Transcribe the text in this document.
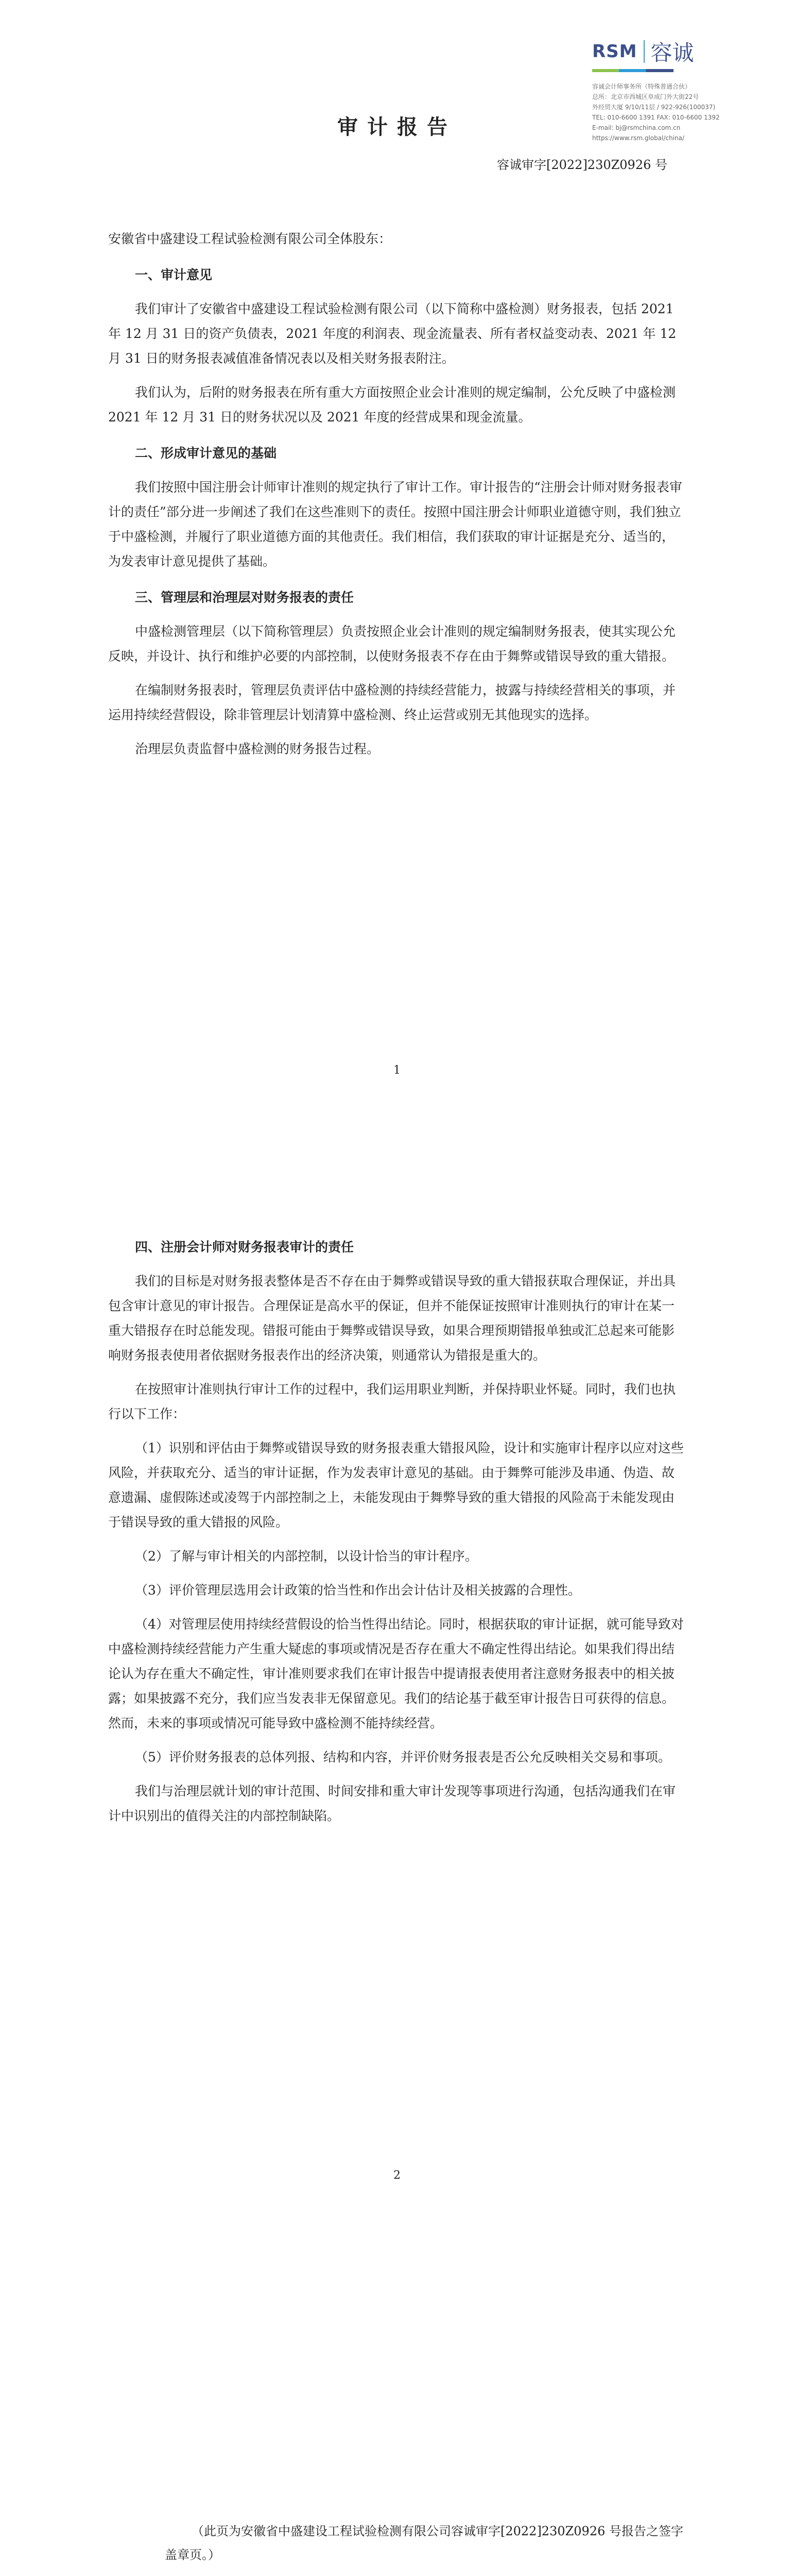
RSM 容诚
容诚会计师事务所（特殊普通合伙）
总所：北京市西城区阜成门外大街22号
外经贸大厦 9/10/11层 / 922-926(100037)
TEL: 010-6600 1391 FAX: 010-6600 1392
E-mail: bj@rsmchina.com.cn
https://www.rsm.global/china/
审计报告
容诚审字[2022]230Z0926 号

安徽省中盛建设工程试验检测有限公司全体股东：

一、审计意见

我们审计了安徽省中盛建设工程试验检测有限公司（以下简称中盛检测）财务报表，包括 2021 年 12 月 31 日的资产负债表，2021 年度的利润表、现金流量表、所有者权益变动表、2021 年 12 月 31 日的财务报表减值准备情况表以及相关财务报表附注。

我们认为，后附的财务报表在所有重大方面按照企业会计准则的规定编制，公允反映了中盛检测 2021 年 12 月 31 日的财务状况以及 2021 年度的经营成果和现金流量。

二、形成审计意见的基础

我们按照中国注册会计师审计准则的规定执行了审计工作。审计报告的“注册会计师对财务报表审计的责任”部分进一步阐述了我们在这些准则下的责任。按照中国注册会计师职业道德守则，我们独立于中盛检测，并履行了职业道德方面的其他责任。我们相信，我们获取的审计证据是充分、适当的，为发表审计意见提供了基础。

三、管理层和治理层对财务报表的责任

中盛检测管理层（以下简称管理层）负责按照企业会计准则的规定编制财务报表，使其实现公允反映，并设计、执行和维护必要的内部控制，以使财务报表不存在由于舞弊或错误导致的重大错报。

在编制财务报表时，管理层负责评估中盛检测的持续经营能力，披露与持续经营相关的事项，并运用持续经营假设，除非管理层计划清算中盛检测、终止运营或别无其他现实的选择。

治理层负责监督中盛检测的财务报告过程。

1
四、注册会计师对财务报表审计的责任

我们的目标是对财务报表整体是否不存在由于舞弊或错误导致的重大错报获取合理保证，并出具包含审计意见的审计报告。合理保证是高水平的保证，但并不能保证按照审计准则执行的审计在某一重大错报存在时总能发现。错报可能由于舞弊或错误导致，如果合理预期错报单独或汇总起来可能影响财务报表使用者依据财务报表作出的经济决策，则通常认为错报是重大的。

在按照审计准则执行审计工作的过程中，我们运用职业判断，并保持职业怀疑。同时，我们也执行以下工作：

（1）识别和评估由于舞弊或错误导致的财务报表重大错报风险，设计和实施审计程序以应对这些风险，并获取充分、适当的审计证据，作为发表审计意见的基础。由于舞弊可能涉及串通、伪造、故意遗漏、虚假陈述或凌驾于内部控制之上，未能发现由于舞弊导致的重大错报的风险高于未能发现由于错误导致的重大错报的风险。

（2）了解与审计相关的内部控制，以设计恰当的审计程序。

（3）评价管理层选用会计政策的恰当性和作出会计估计及相关披露的合理性。

（4）对管理层使用持续经营假设的恰当性得出结论。同时，根据获取的审计证据，就可能导致对中盛检测持续经营能力产生重大疑虑的事项或情况是否存在重大不确定性得出结论。如果我们得出结论认为存在重大不确定性，审计准则要求我们在审计报告中提请报表使用者注意财务报表中的相关披露；如果披露不充分，我们应当发表非无保留意见。我们的结论基于截至审计报告日可获得的信息。然而，未来的事项或情况可能导致中盛检测不能持续经营。

（5）评价财务报表的总体列报、结构和内容，并评价财务报表是否公允反映相关交易和事项。

我们与治理层就计划的审计范围、时间安排和重大审计发现等事项进行沟通，包括沟通我们在审计中识别出的值得关注的内部控制缺陷。

2
（此页为安徽省中盛建设工程试验检测有限公司容诚审字[2022]230Z0926 号报告之签字盖章页。）
